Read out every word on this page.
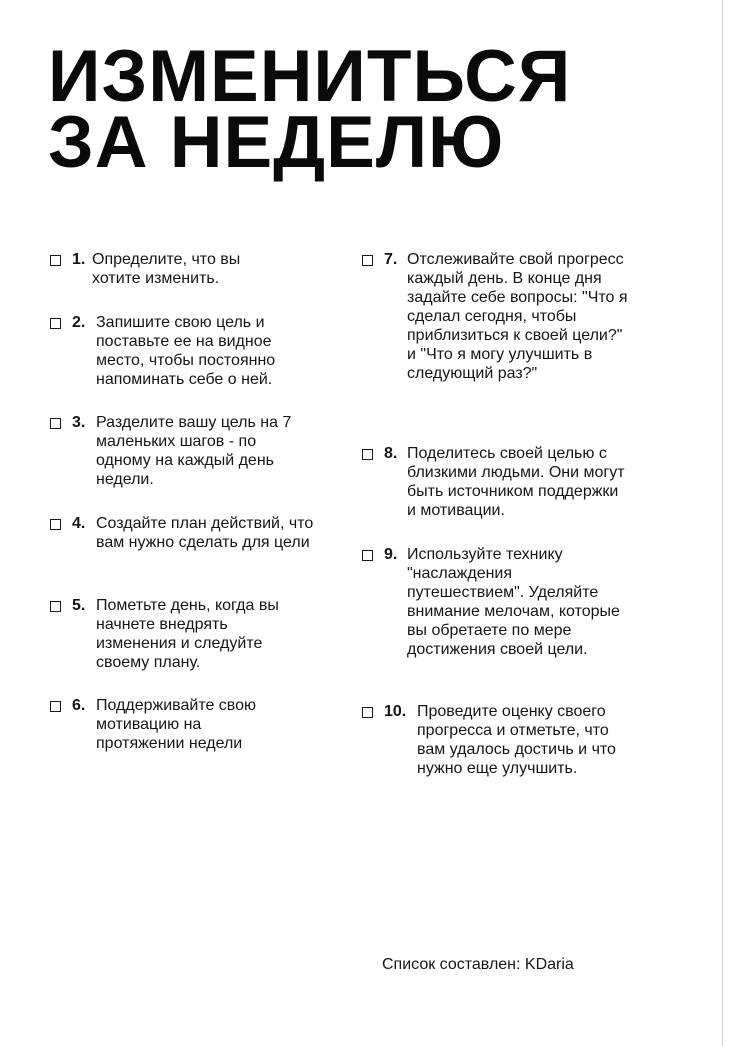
ИЗМЕНИТЬСЯ
ЗА НЕДЕЛЮ
1. Определите, что вы хотите изменить.
2. Запишите свою цель и поставьте ее на видное место, чтобы постоянно напоминать себе о ней.
3. Разделите вашу цель на 7 маленьких шагов - по одному на каждый день недели.
4. Создайте план действий, что вам нужно сделать для цели
5. Пометьте день, когда вы начнете внедрять изменения и следуйте своему плану.
6. Поддерживайте свою мотивацию на протяжении недели
7. Отслеживайте свой прогресс каждый день. В конце дня задайте себе вопросы: "Что я сделал сегодня, чтобы приблизиться к своей цели?" и "Что я могу улучшить в следующий раз?"
8. Поделитесь своей целью с близкими людьми. Они могут быть источником поддержки и мотивации.
9. Используйте технику "наслаждения путешествием". Уделяйте внимание мелочам, которые вы обретаете по мере достижения своей цели.
10. Проведите оценку своего прогресса и отметьте, что вам удалось достичь и что нужно еще улучшить.
Список составлен: KDaria
